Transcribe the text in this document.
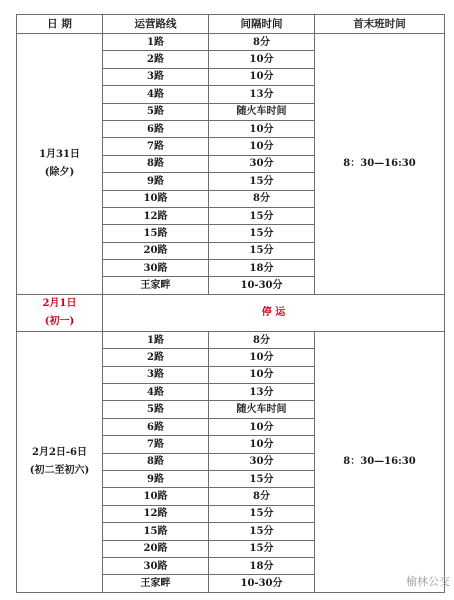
日 期	运营路线	间隔时间	首末班时间
1月31日
(除夕)	1路	8分	8：30—16:30
	2路	10分	
	3路	10分	
	4路	13分	
	5路	随火车时间	
	6路	10分	
	7路	10分	
	8路	30分	
	9路	15分	
	10路	8分	
	12路	15分	
	15路	15分	
	20路	15分	
	30路	18分	
	王家畔	10-30分	
2月1日
(初一)	停 运		
2月2日-6日
(初二至初六)	1路	8分	8：30—16:30
	2路	10分	
	3路	10分	
	4路	13分	
	5路	随火车时间	
	6路	10分	
	7路	10分	
	8路	30分	
	9路	15分	
	10路	8分	
	12路	15分	
	15路	15分	
	20路	15分	
	30路	18分	
	王家畔	10-30分		榆林公交
